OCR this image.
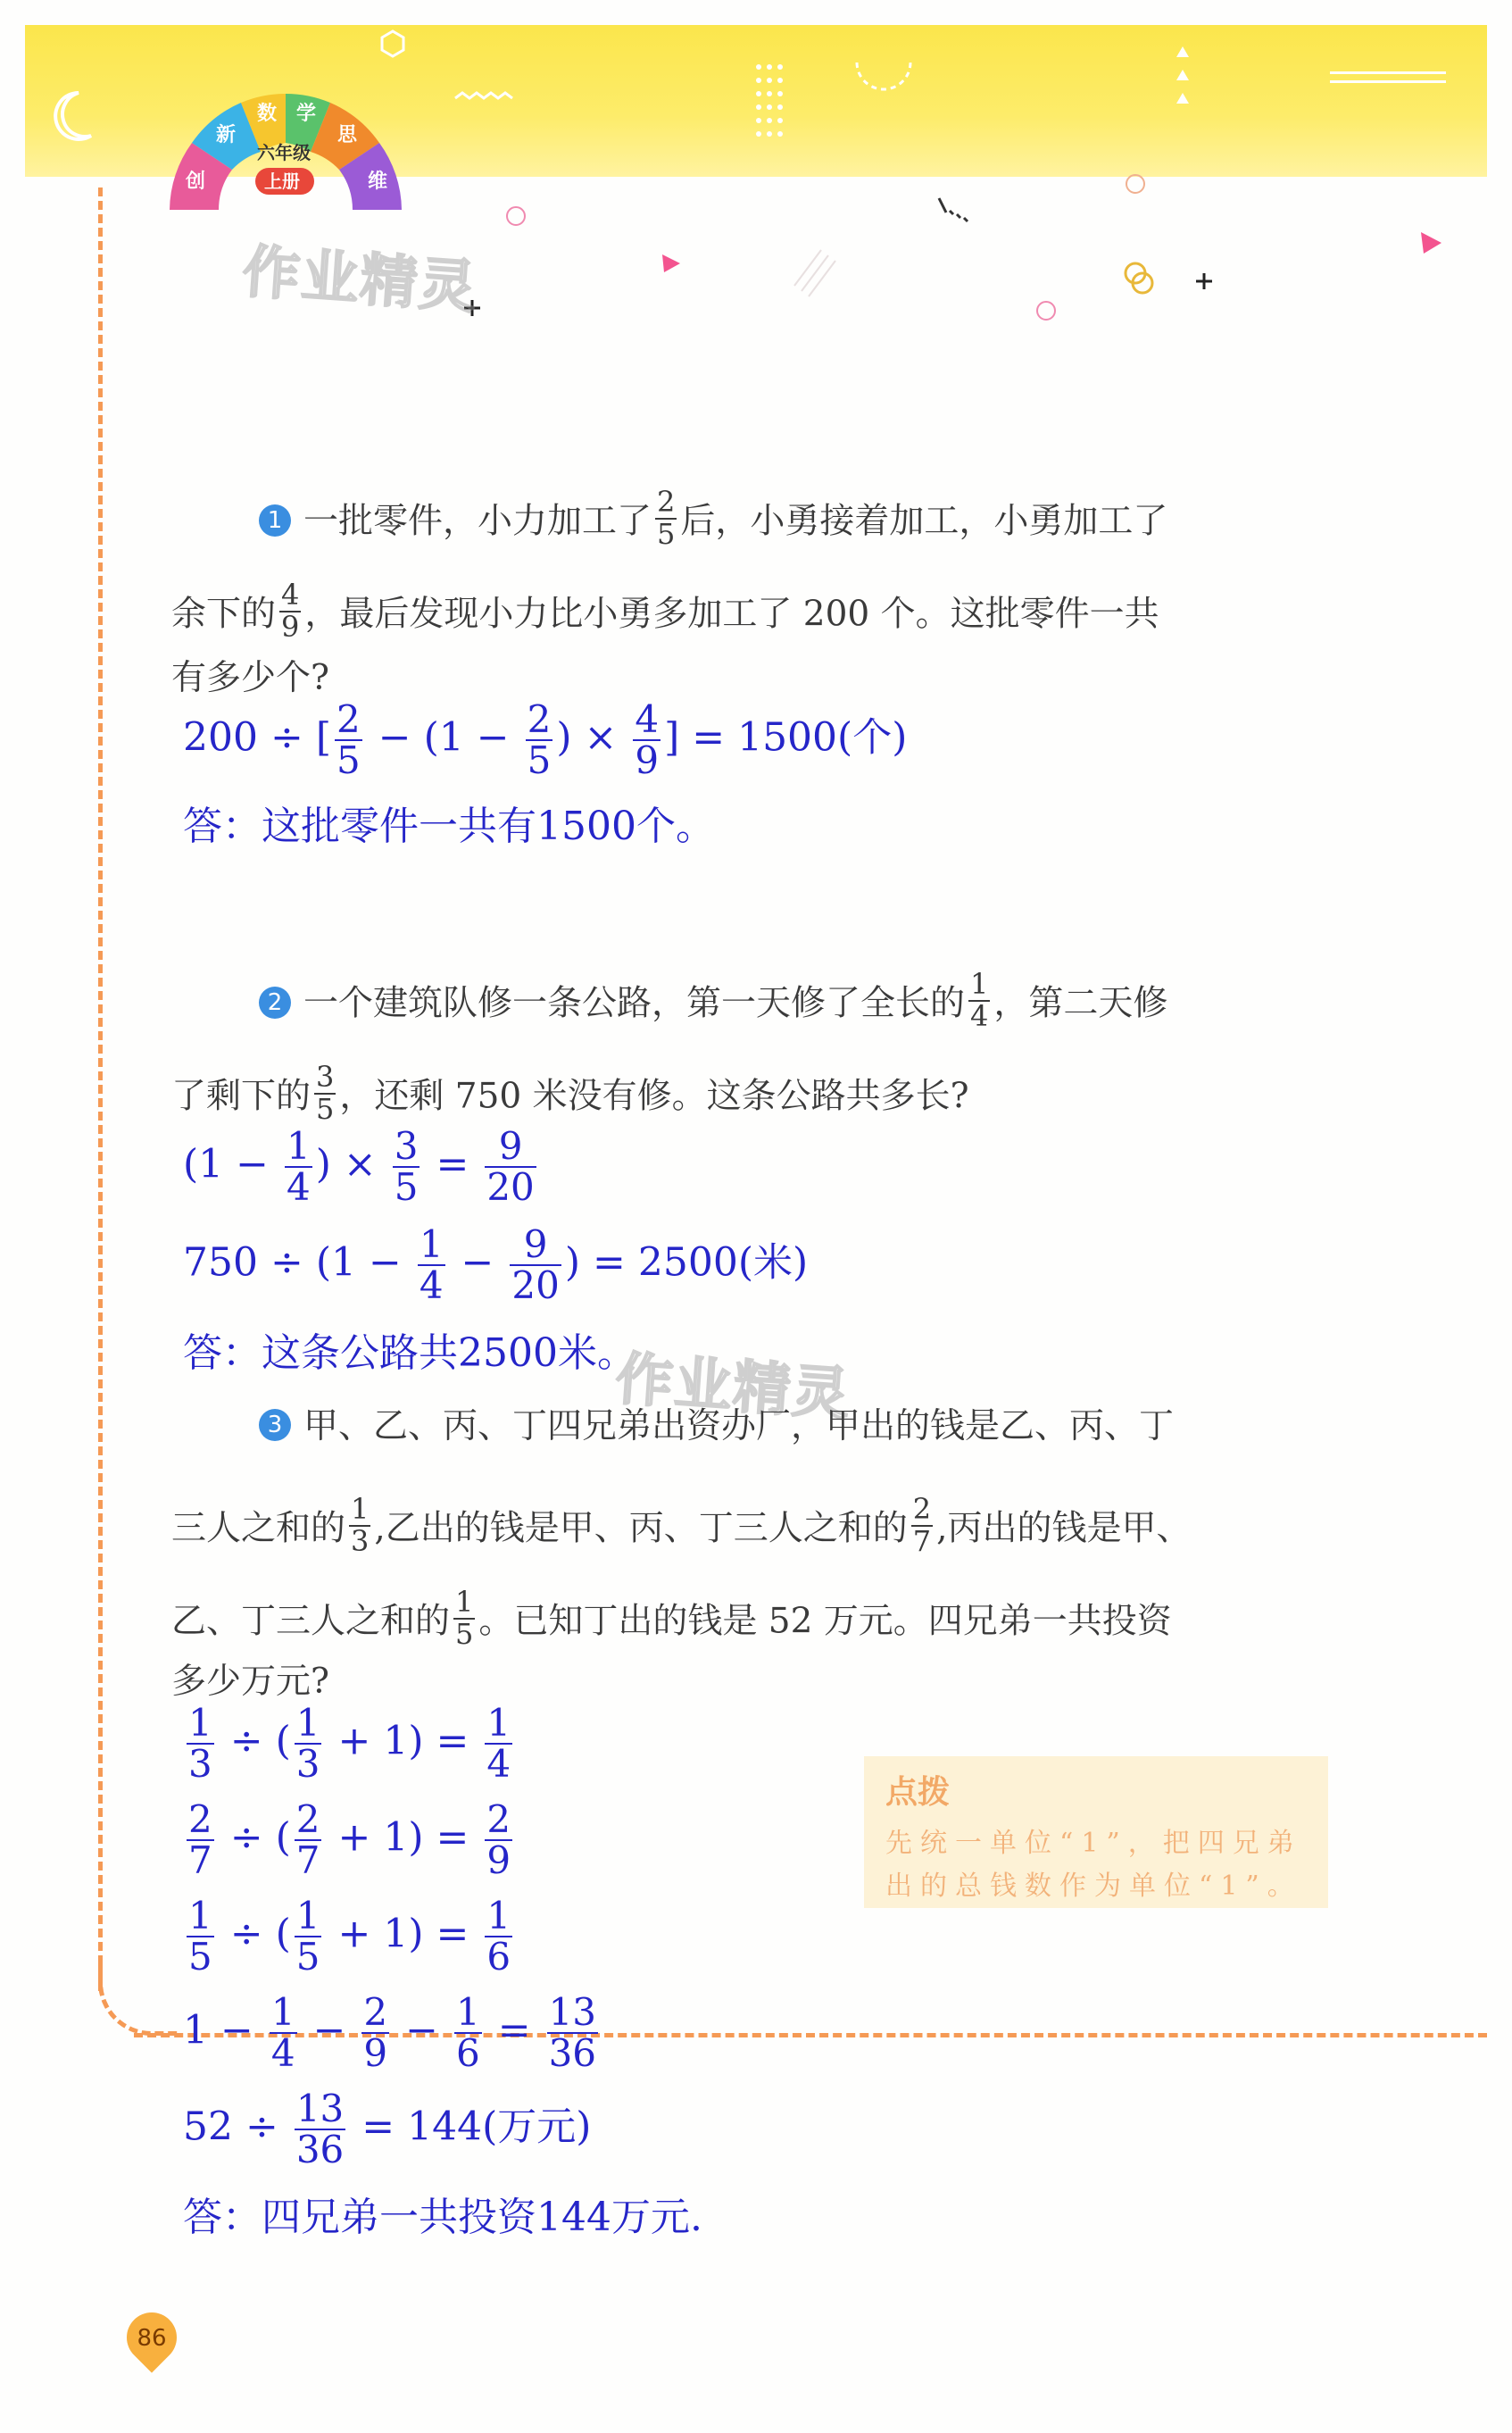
创
新
数 学
思
维
六年级
上册
作业精灵
1 一批零件，小力加工了 $\frac{2}{5}$ 后，小勇接着加工，小勇加工了
余下的 $\frac{4}{9}$ ，最后发现小力比小勇多加工了 200 个。这批零件一共
有多少个?
200 ÷ [ $\frac{2}{5} - (1 - \frac{2}{5}$ ) × $\frac{4}{9}$ ] = 1500(个)
答：这批零件一共有1500个。
2 一个建筑队修一条公路，第一天修了全长的 $\frac{1}{4}$ ，第二天修
了剩下的 $\frac{3}{5}$ ，还剩 750 米没有修。这条公路共多长?
($1 - \frac{1}{4}$ ) × $\frac{3}{5} = \frac{9}{20}$
$750 \div (1 - \frac{1}{4} - \frac{9}{20}$ ) = 2500(米)
答：这条公路共2500米。
作业精灵
3 甲、乙、丙、丁四兄弟出资办厂，甲出的钱是乙、丙、丁
三人之和的 $\frac{1}{3}$ ,乙出的钱是甲、丙、丁三人之和的 $\frac{2}{7}$ ,丙出的钱是甲、
乙、丁三人之和的 $\frac{1}{5}$ 。已知丁出的钱是 52 万元。四兄弟一共投资
多少万元?
点拨
先统一单位“1”，把四兄弟
出的总钱数作为单位“1”。
$\frac{1}{3}$ ÷ ( $\frac{1}{3} + 1) = \frac{1}{4}$
$\frac{2}{7}$ ÷ ( $\frac{2}{7} + 1) = \frac{2}{9}$
$\frac{1}{5}$ ÷ ( $\frac{1}{5} + 1) = \frac{1}{6}$
$1 - \frac{1}{4} - \frac{2}{9} - \frac{1}{6} = \frac{13}{36}$
$52 \div \frac{13}{36} = 144$(万元)
答：四兄弟一共投资144万元.
86
